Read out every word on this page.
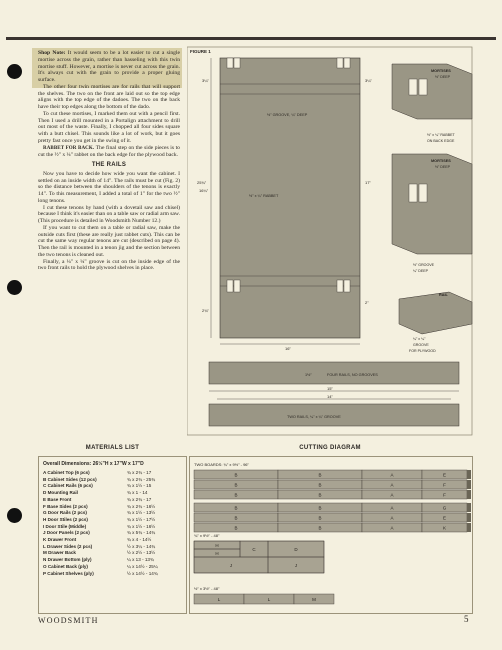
Shop Note: It would seem to be a lot easier to cut a single mortise across the grain, rather than hasseling with this twin mortise stuff. However, a mortise is never cut across the grain. It's always cut with the grain to provide a proper gluing surface.

The other four twin mortises are for rails that will support the shelves. The two on the front are laid out so the top edge aligns with the top edge of the dadoes. The two on the back have their top edges along the bottom of the dado.

To cut these mortises, I marked them out with a pencil first. Then I used a drill mounted in a Portalign attachment to drill out most of the waste. Finally, I chopped all four sides square with a butt chisel. This sounds like a lot of work, but it goes pretty fast once you get in the swing of it.

RABBET FOR BACK. The final step on the side pieces is to cut the ½" x ¼" rabbet on the back edge for the plywood back.

THE RAILS

Now you have to decide how wide you want the cabinet. I settled on an inside width of 14". The rails must be cut (Fig. 2) so the distance between the shoulders of the tenons is exactly 14". To this measurement, I added a total of 1" for the two ½" long tenons.

I cut these tenons by hand (with a dovetail saw and chisel) because I think it's easier than on a table saw or radial arm saw. (This procedure is detailed in Woodsmith Number 12.)

If you want to cut them on a table or radial saw, make the outside cuts first (these are really just rabbet cuts). This can be cut the same way regular tenons are cut (described on page 4). Then the rail is mounted in a tenon jig and the section between the two tenons is cleaned out.

Finally, a ¼" x ¼" groove is cut on the inside edge of the two front rails to hold the plywood shelves in place.

FIGURE 1
½" GROOVE, ¼" DEEP
½" x ¼" RABBET
25¾"
16¼"
3¼"
2¾"
3¼"
2"
17"
16"
MORTISES
½" DEEP
½" x ¼" RABBET
ON BACK EDGE
MORTISES
½" DEEP
½" GROOVE
¼" DEEP
RAIL
¼" x ¼"
GROOVE
FOR PLYWOOD
1½"	FOUR RAILS, NO GROOVES
15"
14"
TWO RAILS, ¼" x ¼" GROOVE
MATERIALS LIST
Overall Dimensions: 26½"H x 17"W x 17"D
A Cabinet Top (6 pcs)	¾ x 2¾ - 17
B Cabinet Sides (12 pcs)	¾ x 2¾ - 25¾
C Cabinet Rails (6 pcs)	¾ x 1½ - 15
D Mounting Rail	¾ x 1 - 14
E Base Front	¾ x 2¾ - 17
F Base Sides (2 pcs)	¾ x 2¾ - 16½
G Door Rails (2 pcs)	¾ x 1½ - 13½
H Door Stiles (2 pcs)	¾ x 1½ - 17½
I Door Stile (Middle)	¾ x 1½ - 16½
J Door Panels (2 pcs)	¾ x 5¾ - 14¾
K Drawer Front	¾ x 4 - 14½
L Drawer Sides (2 pcs)	½ x 3¼ - 14¾
M Drawer Back	½ x 2½ - 13½
N Drawer Bottom (ply)	¼ x 13 - 13¾
O Cabinet Back (ply)	¼ x 14½ - 25¼
P Cabinet Shelves (ply)	½ x 14½ - 14¾
CUTTING DIAGRAM
TWO BOARDS: ¾" x 9½" - 96"
¾" x 9½" - 48"
½" x 3½" - 48"
B	B	A	E
B	B	A	F
B	B	A	F
B	B	A	G
B	B	A	E
B	B	A	K
H
H
C
J	J
D
L	L	M
WOODSMITH	5
